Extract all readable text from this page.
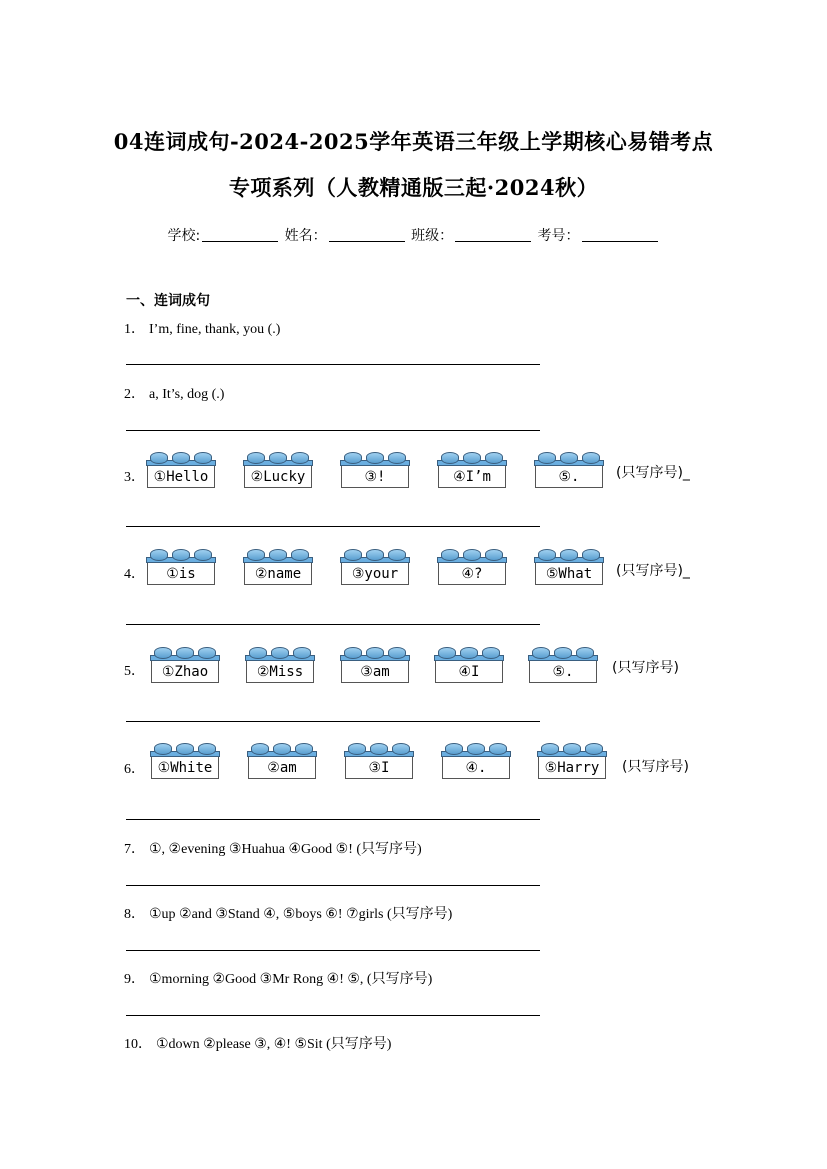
04连词成句-2024-2025学年英语三年级上学期核心易错考点
专项系列（人教精通版三起·2024秋）
学校:	姓名：	班级：	考号：
一、连词成句
1． I’m, fine, thank, you (.)
2． a, It’s, dog (.)
3． ①Hello	②Lucky	③!	④I’m	⑤.	(只写序号)_
4．	①is	②name	③your	④?	⑤What	(只写序号)_
5．	①Zhao	②Miss	③am	④I	⑤.	(只写序号)
6． ①White	②am	③I	④.	⑤Harry	(只写序号)
7． ①, ②evening ③Huahua ④Good ⑤! (只写序号)
8． ①up ②and ③Stand ④, ⑤boys ⑥! ⑦girls (只写序号)
9． ①morning ②Good ③Mr Rong ④! ⑤, (只写序号)
10． ①down ②please ③, ④! ⑤Sit (只写序号)
